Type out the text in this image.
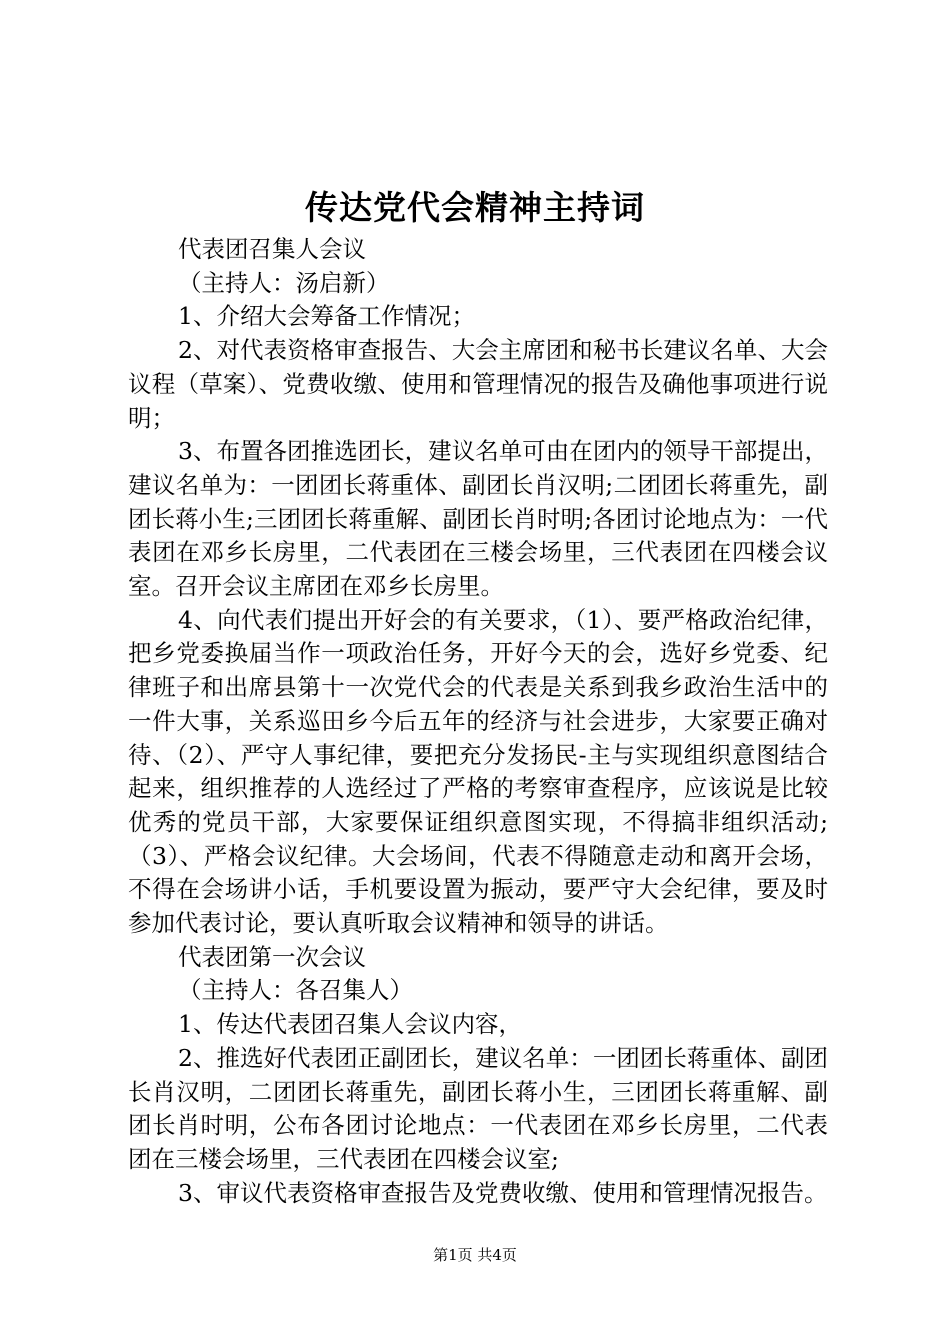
传达党代会精神主持词

代表团召集人会议

（主持人：汤启新）

1、介绍大会筹备工作情况；

2、对代表资格审查报告、大会主席团和秘书长建议名单、大会议程（草案）、党费收缴、使用和管理情况的报告及确他事项进行说明；

3、布置各团推选团长，建议名单可由在团内的领导干部提出，建议名单为：一团团长蒋重体、副团长肖汉明;二团团长蒋重先，副团长蒋小生;三团团长蒋重解、副团长肖时明;各团讨论地点为：一代表团在邓乡长房里，二代表团在三楼会场里，三代表团在四楼会议室。召开会议主席团在邓乡长房里。

4、向代表们提出开好会的有关要求，（1）、要严格政治纪律，把乡党委换届当作一项政治任务，开好今天的会，选好乡党委、纪律班子和出席县第十一次党代会的代表是关系到我乡政治生活中的一件大事，关系巡田乡今后五年的经济与社会进步，大家要正确对待、（2）、严守人事纪律，要把充分发扬民-主与实现组织意图结合起来，组织推荐的人选经过了严格的考察审查程序，应该说是比较优秀的党员干部，大家要保证组织意图实现，不得搞非组织活动;（3）、严格会议纪律。大会场间，代表不得随意走动和离开会场，不得在会场讲小话，手机要设置为振动，要严守大会纪律，要及时参加代表讨论，要认真听取会议精神和领导的讲话。

代表团第一次会议

（主持人：各召集人）

1、传达代表团召集人会议内容，

2、推选好代表团正副团长，建议名单：一团团长蒋重体、副团长肖汉明，二团团长蒋重先，副团长蒋小生，三团团长蒋重解、副团长肖时明，公布各团讨论地点：一代表团在邓乡长房里，二代表团在三楼会场里，三代表团在四楼会议室;

3、审议代表资格审查报告及党费收缴、使用和管理情况报告。

第1页 共4页
